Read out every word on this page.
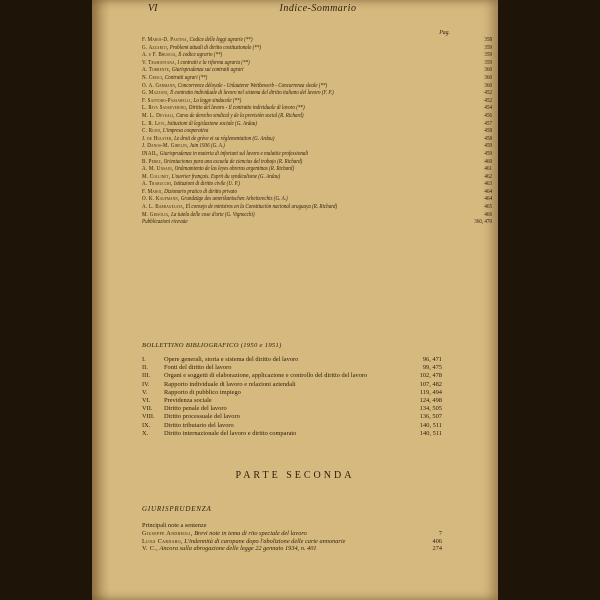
VI	Indice-Sommario
Pag.
F. Maroi-D. Pastina, Codice delle leggi agrarie (**)	358
G. Azzariti, Problemi attuali di diritto costituzionale (**)	359
A. e F. Bruscia, Il codice agrario (**)	359
V. Tramontana, I contratti e la riforma agraria (**)	359
A. Torrente, Giurisprudenza sui contratti agrari	360
N. Crisci, Contratti agrari (**)	360
O. A. Germann, Concorrence déloyale - Unlauterer Wettbewerb - Concurrenza sleale (**)	360
G. Mazzoni, Il contratto individuale di lavoro nel sistema del diritto italiano del lavoro (F. P.)	452
F. Santoro-Passarelli, La legge sindacale (**)	452
L. Riva Sanseverino, Diritto del lavoro - Il contratto individuale di lavoro (**)	454
M. L. Deveali, Curso de derecho sindical y de la previsión social (R. Richard)	456
L. R. Levi, Istituzioni di legislazione sociale (G. Ardau)	457
C. Ruini, L'impresa cooperativa	458
J. de Hulster, Le droit de grève et sa réglementation (G. Ardau)	458
J. Danos-M. Gibelin, Juin 1936 (G. A.)	459
INAIL, Giurisprudenza in materia di infortuni sul lavoro e malattie professionali	459
B. Perez, Orientaciones para una escuela de ciencias del trabajo (R. Richard)	460
A. M. Unsain, Ordenamiento de las leyes obreras argentinas (R. Richard)	461
M. Collinet, L'ouvrier français. Esprit du syndicalisme (G. Ardau)	462
A. Trabucchi, Istituzioni di diritto civile (U. P.)	463
F. Maroi, Dizionario pratico di diritto privato	464
O. K. Kaufmann, Grundzüge des amerikanischen Arbeitsrechts (G. A.)	464
A. L. Barbagelata, El consejo de ministros en la Constitución nacional uruguaya (R. Richard)	465
M. Grisolia, La tutela delle cose d'arte (G. Vignocchi)	466
Pubblicazioni ricevute	360, 470
BOLLETTINO BIBLIOGRAFICO (1950 e 1951)
I.	Opere generali, storia e sistema del diritto del lavoro	96, 471
II.	Fonti del diritto del lavoro	99, 475
III. Organi e soggetti di elaborazione, applicazione e controllo del diritto del lavoro	102, 478
IV. Rapporto individuale di lavoro e relazioni aziendali	107, 482
V.	Rapporto di pubblico impiego	119, 494
VI. Previdenza sociale	124, 498
VII. Diritto penale del lavoro	134, 505
VIII. Diritto processuale del lavoro	136, 507
IX. Diritto tributario del lavoro	140, 511
X. Diritto internazionale del lavoro e diritto comparato	140, 511
PARTE SECONDA
GIURISPRUDENZA
Principali note a sentenze
Giuseppe Andreoli, Brevi note in tema di rito speciale del lavoro	7
Luigi Cardaro, L'indennità di caropane dopo l'abolizione delle carte annonarie	406
V. C., Ancora sulla abrogazione delle legge 22 gennaio 1934, n. 401	274
